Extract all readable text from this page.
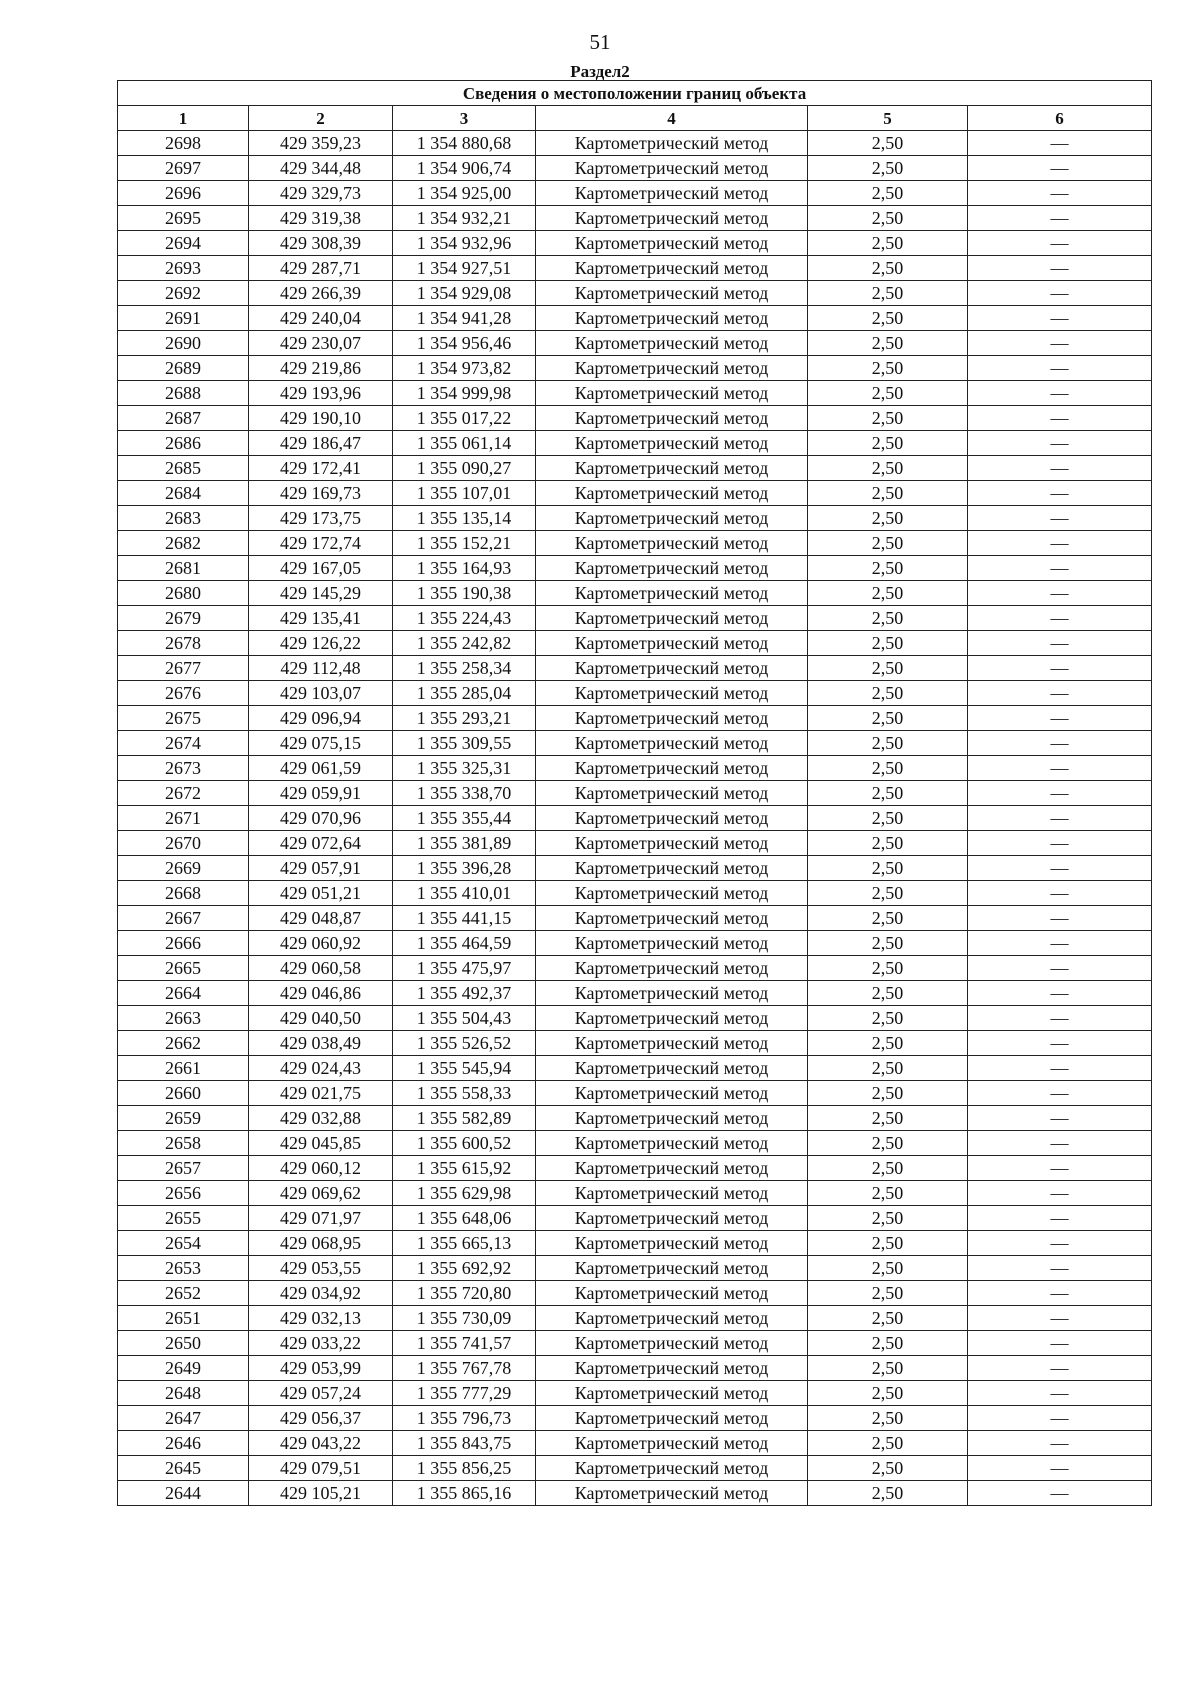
51
Раздел2
Сведения о местоположении границ объекта					
1	2	3	4	5	6
2698	429 359,23	1 354 880,68	Картометрический метод	2,50	—
2697	429 344,48	1 354 906,74	Картометрический метод	2,50	—
2696	429 329,73	1 354 925,00	Картометрический метод	2,50	—
2695	429 319,38	1 354 932,21	Картометрический метод	2,50	—
2694	429 308,39	1 354 932,96	Картометрический метод	2,50	—
2693	429 287,71	1 354 927,51	Картометрический метод	2,50	—
2692	429 266,39	1 354 929,08	Картометрический метод	2,50	—
2691	429 240,04	1 354 941,28	Картометрический метод	2,50	—
2690	429 230,07	1 354 956,46	Картометрический метод	2,50	—
2689	429 219,86	1 354 973,82	Картометрический метод	2,50	—
2688	429 193,96	1 354 999,98	Картометрический метод	2,50	—
2687	429 190,10	1 355 017,22	Картометрический метод	2,50	—
2686	429 186,47	1 355 061,14	Картометрический метод	2,50	—
2685	429 172,41	1 355 090,27	Картометрический метод	2,50	—
2684	429 169,73	1 355 107,01	Картометрический метод	2,50	—
2683	429 173,75	1 355 135,14	Картометрический метод	2,50	—
2682	429 172,74	1 355 152,21	Картометрический метод	2,50	—
2681	429 167,05	1 355 164,93	Картометрический метод	2,50	—
2680	429 145,29	1 355 190,38	Картометрический метод	2,50	—
2679	429 135,41	1 355 224,43	Картометрический метод	2,50	—
2678	429 126,22	1 355 242,82	Картометрический метод	2,50	—
2677	429 112,48	1 355 258,34	Картометрический метод	2,50	—
2676	429 103,07	1 355 285,04	Картометрический метод	2,50	—
2675	429 096,94	1 355 293,21	Картометрический метод	2,50	—
2674	429 075,15	1 355 309,55	Картометрический метод	2,50	—
2673	429 061,59	1 355 325,31	Картометрический метод	2,50	—
2672	429 059,91	1 355 338,70	Картометрический метод	2,50	—
2671	429 070,96	1 355 355,44	Картометрический метод	2,50	—
2670	429 072,64	1 355 381,89	Картометрический метод	2,50	—
2669	429 057,91	1 355 396,28	Картометрический метод	2,50	—
2668	429 051,21	1 355 410,01	Картометрический метод	2,50	—
2667	429 048,87	1 355 441,15	Картометрический метод	2,50	—
2666	429 060,92	1 355 464,59	Картометрический метод	2,50	—
2665	429 060,58	1 355 475,97	Картометрический метод	2,50	—
2664	429 046,86	1 355 492,37	Картометрический метод	2,50	—
2663	429 040,50	1 355 504,43	Картометрический метод	2,50	—
2662	429 038,49	1 355 526,52	Картометрический метод	2,50	—
2661	429 024,43	1 355 545,94	Картометрический метод	2,50	—
2660	429 021,75	1 355 558,33	Картометрический метод	2,50	—
2659	429 032,88	1 355 582,89	Картометрический метод	2,50	—
2658	429 045,85	1 355 600,52	Картометрический метод	2,50	—
2657	429 060,12	1 355 615,92	Картометрический метод	2,50	—
2656	429 069,62	1 355 629,98	Картометрический метод	2,50	—
2655	429 071,97	1 355 648,06	Картометрический метод	2,50	—
2654	429 068,95	1 355 665,13	Картометрический метод	2,50	—
2653	429 053,55	1 355 692,92	Картометрический метод	2,50	—
2652	429 034,92	1 355 720,80	Картометрический метод	2,50	—
2651	429 032,13	1 355 730,09	Картометрический метод	2,50	—
2650	429 033,22	1 355 741,57	Картометрический метод	2,50	—
2649	429 053,99	1 355 767,78	Картометрический метод	2,50	—
2648	429 057,24	1 355 777,29	Картометрический метод	2,50	—
2647	429 056,37	1 355 796,73	Картометрический метод	2,50	—
2646	429 043,22	1 355 843,75	Картометрический метод	2,50	—
2645	429 079,51	1 355 856,25	Картометрический метод	2,50	—
2644	429 105,21	1 355 865,16	Картометрический метод	2,50	—
